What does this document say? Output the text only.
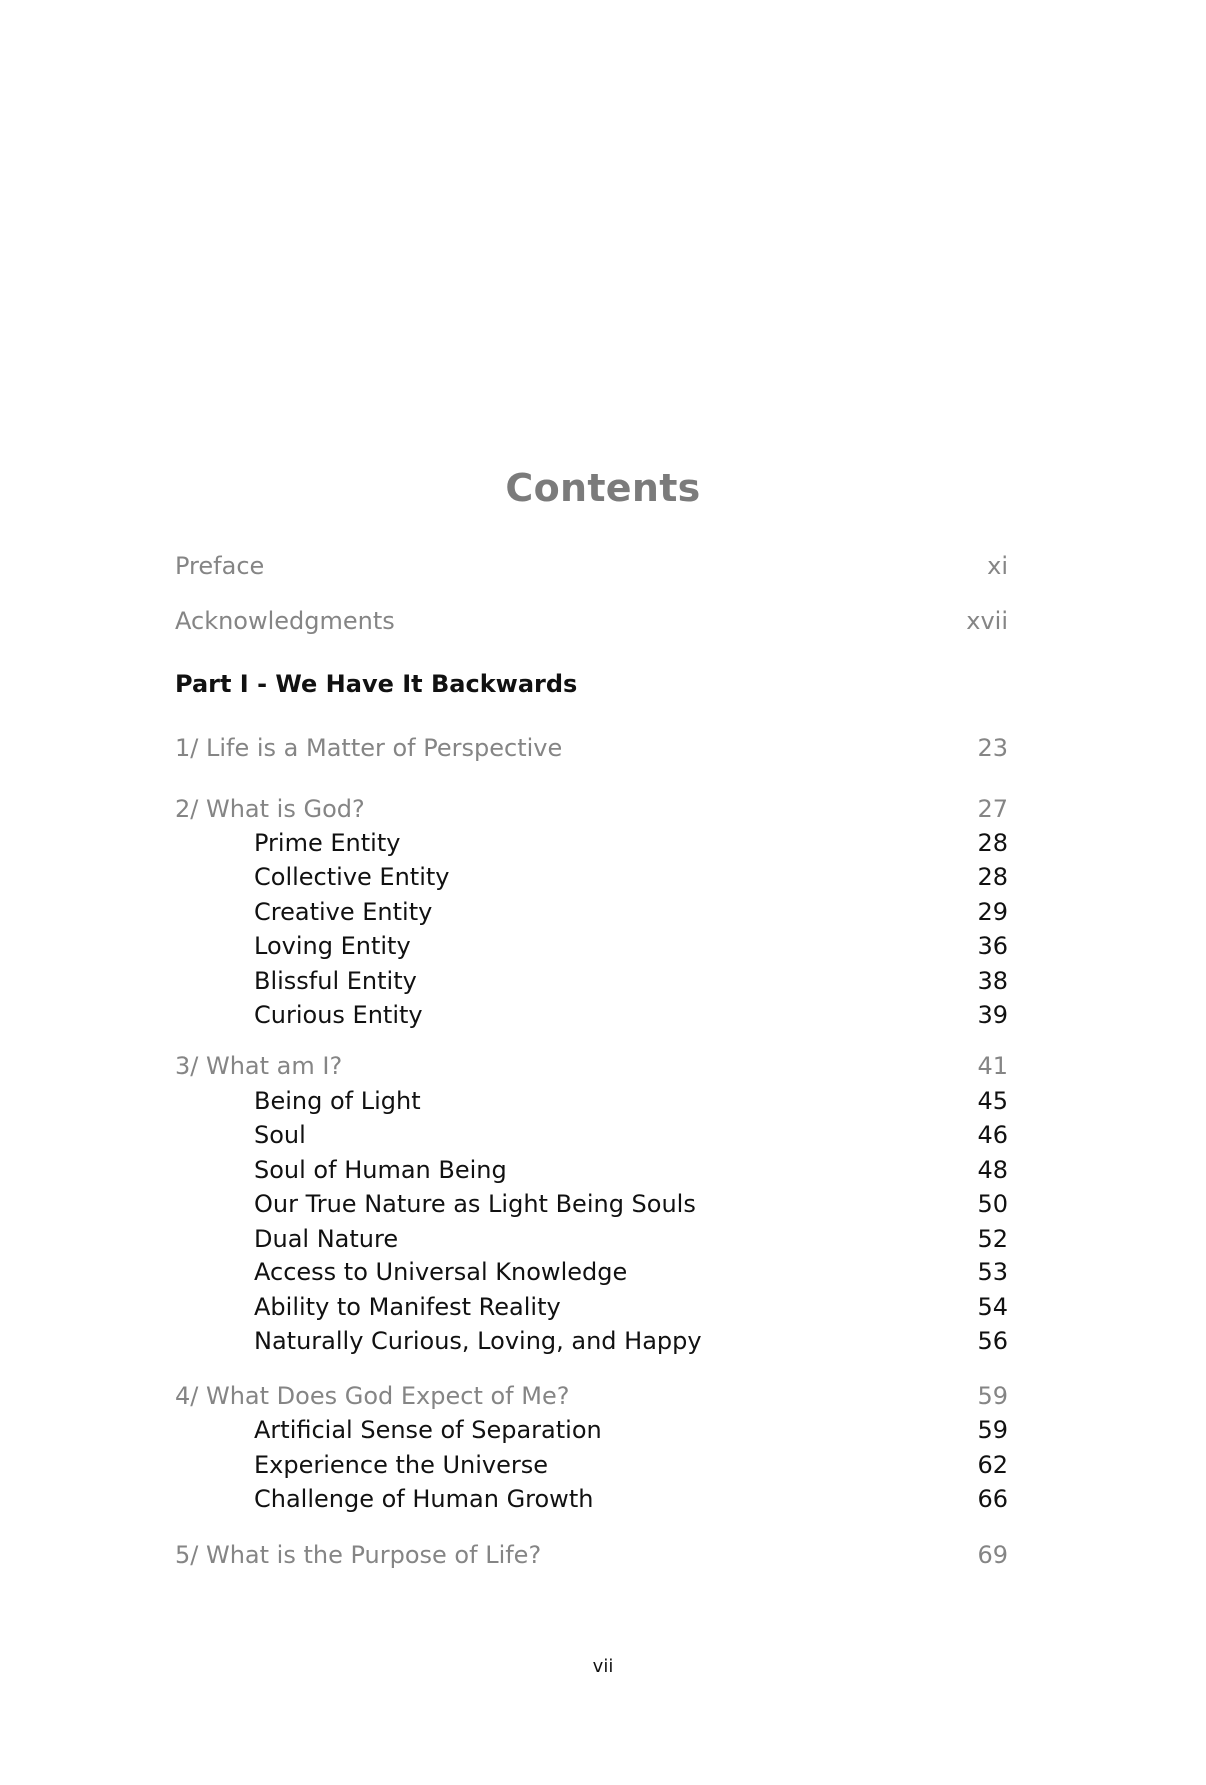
Contents
Preface	xi
Acknowledgments	xvii
Part I - We Have It Backwards
1/ Life is a Matter of Perspective	23
2/ What is God?	27
Prime Entity	28
Collective Entity	28
Creative Entity	29
Loving Entity	36
Blissful Entity	38
Curious Entity	39
3/ What am I?	41
Being of Light	45
Soul	46
Soul of Human Being	48
Our True Nature as Light Being Souls	50
Dual Nature	52
Access to Universal Knowledge	53
Ability to Manifest Reality	54
Naturally Curious, Loving, and Happy	56
4/ What Does God Expect of Me?	59
Artificial Sense of Separation	59
Experience the Universe	62
Challenge of Human Growth	66
5/ What is the Purpose of Life?	69
vii
